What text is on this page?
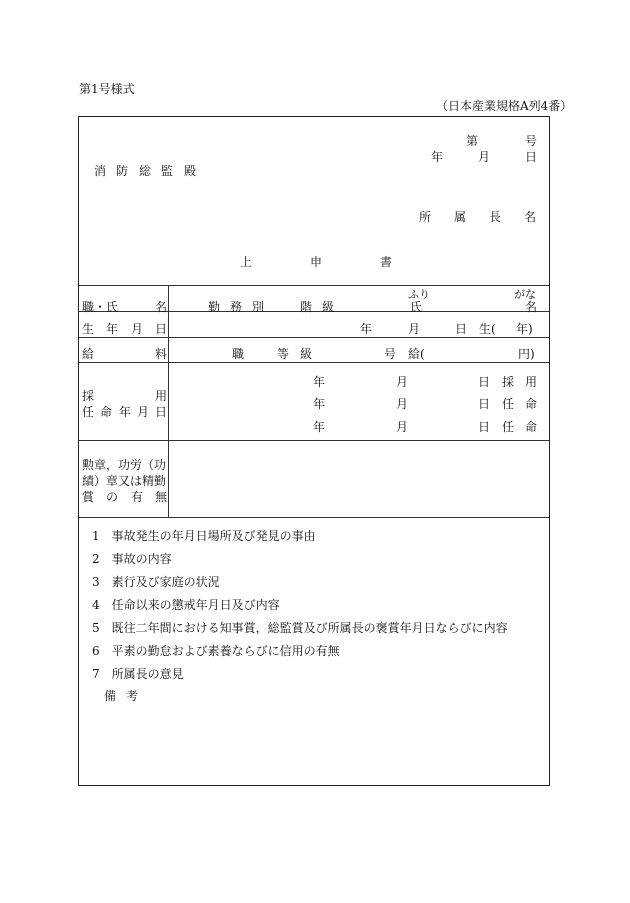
第1号様式
（日本産業規格A列4番）
第	号
年	月	日
消 防 総 監 殿
所 属 長 名
上	申	書
職・氏	名	勤 務 別	階 級
ふり	がな
氏	名
生 年 月 日	年	月	日　生( 年)
給	料	職	等 級	号　給(	円)
採	用
任 命 年 月 日
年	月	日 採 用
年	月	日 任 命
年	月	日 任 命
勲章，功労（功
績）章又は精勤
賞 の 有 無
1　事故発生の年月日場所及び発見の事由
2　事故の内容
3　素行及び家庭の状況
4　任命以来の懲戒年月日及び内容
5　既往二年間における知事賞，総監賞及び所属長の褒賞年月日ならびに内容
6　平素の勤怠および素養ならびに信用の有無
7　所属長の意見
備 考
